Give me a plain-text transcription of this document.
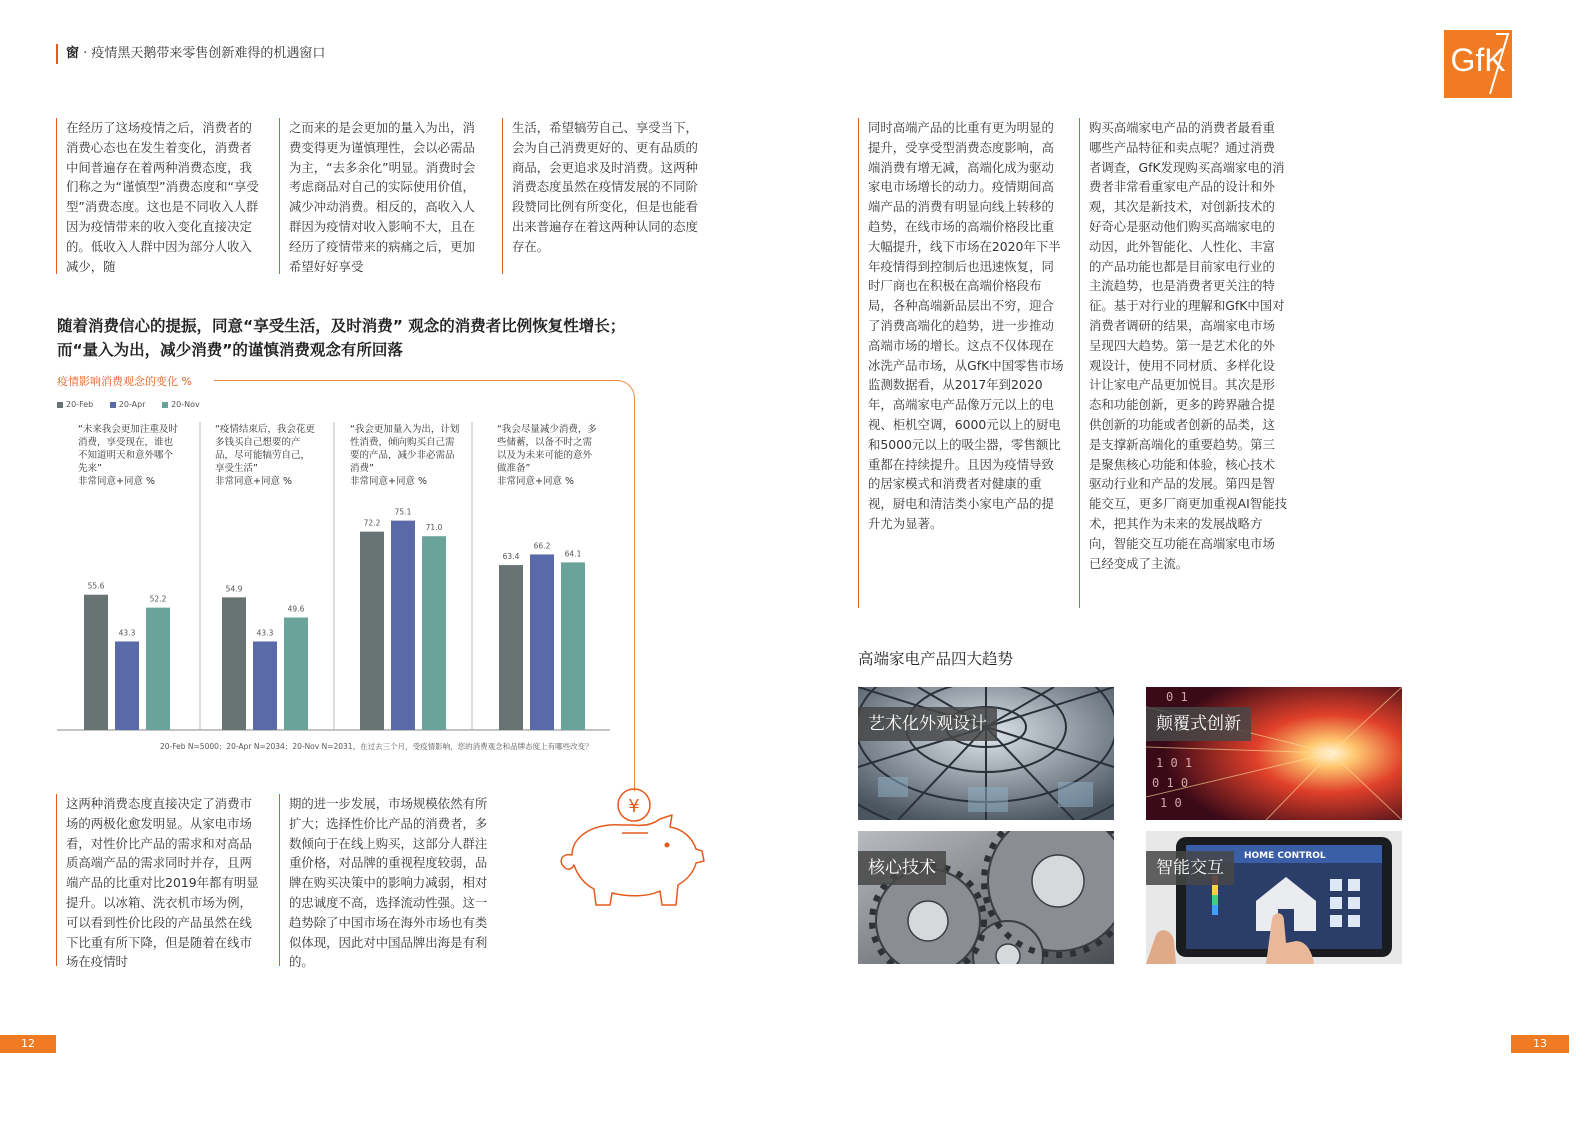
窗 · 疫情黑天鹅带来零售创新难得的机遇窗口

在经历了这场疫情之后，消费者的消费心态也在发生着变化，消费者中间普遍存在着两种消费态度，我们称之为“谨慎型”消费态度和“享受型”消费态度。这也是不同收入人群因为疫情带来的收入变化直接决定的。低收入人群中因为部分人收入减少，随

之而来的是会更加的量入为出，消费变得更为谨慎理性，会以必需品为主，“去多余化”明显。消费时会考虑商品对自己的实际使用价值，减少冲动消费。相反的，高收入人群因为疫情对收入影响不大，且在经历了疫情带来的病痛之后，更加希望好好享受

生活，希望犒劳自己、享受当下，会为自己消费更好的、更有品质的商品，会更追求及时消费。这两种消费态度虽然在疫情发展的不同阶段赞同比例有所变化，但是也能看出来普遍存在着这两种认同的态度存在。

随着消费信心的提振，同意“享受生活，及时消费” 观念的消费者比例恢复性增长；
而“量入为出，减少消费”的谨慎消费观念有所回落
疫情影响消费观念的变化 %
20-Feb	20-Apr	20-Nov
“未来我会更加注重及时消费，享受现在，谁也不知道明天和意外哪个先来”
非常同意+同意 %
“疫情结束后，我会花更多钱买自己想要的产品，尽可能犒劳自己，享受生活”
非常同意+同意 %
“我会更加量入为出，计划性消费，倾向购买自己需要的产品，减少非必需品消费”
非常同意+同意 %
“我会尽量减少消费，多些储蓄，以备不时之需以及为未来可能的意外做准备”
非常同意+同意 %
55.6
43.3
52.2
54.9
43.3
49.6
72.2
75.1
71.0
63.4
66.2
64.1
20-Feb N=5000；20-Apr N=2034；20-Nov N=2031。在过去三个月，受疫情影响，您的消费观念和品牌态度上有哪些改变？

这两种消费态度直接决定了消费市场的两极化愈发明显。从家电市场看，对性价比产品的需求和对高品质高端产品的需求同时并存，且两端产品的比重对比2019年都有明显提升。以冰箱、洗衣机市场为例，可以看到性价比段的产品虽然在线下比重有所下降，但是随着在线市场在疫情时

期的进一步发展，市场规模依然有所扩大；选择性价比产品的消费者，多数倾向于在线上购买，这部分人群注重价格，对品牌的重视程度较弱，品牌在购买决策中的影响力减弱，相对的忠诚度不高，选择流动性强。这一趋势除了中国市场在海外市场也有类似体现，因此对中国品牌出海是有利的。

¥
12
GfK

同时高端产品的比重有更为明显的提升，受享受型消费态度影响，高端消费有增无减，高端化成为驱动家电市场增长的动力。疫情期间高端产品的消费有明显向线上转移的趋势，在线市场的高端价格段比重大幅提升，线下市场在2020年下半年疫情得到控制后也迅速恢复，同时厂商也在积极在高端价格段布局，各种高端新品层出不穷，迎合了消费高端化的趋势，进一步推动高端市场的增长。这点不仅体现在冰洗产品市场，从GfK中国零售市场监测数据看，从2017年到2020年，高端家电产品像万元以上的电视、柜机空调，6000元以上的厨电和5000元以上的吸尘器，零售额比重都在持续提升。且因为疫情导致的居家模式和消费者对健康的重视，厨电和清洁类小家电产品的提升尤为显著。

购买高端家电产品的消费者最看重哪些产品特征和卖点呢？通过消费者调查，GfK发现购买高端家电的消费者非常看重家电产品的设计和外观，其次是新技术，对创新技术的好奇心是驱动他们购买高端家电的动因，此外智能化、人性化、丰富的产品功能也都是目前家电行业的主流趋势，也是消费者更关注的特征。基于对行业的理解和GfK中国对消费者调研的结果，高端家电市场呈现四大趋势。第一是艺术化的外观设计，使用不同材质、多样化设计让家电产品更加悦目。其次是形态和功能创新，更多的跨界融合提供创新的功能或者创新的品类，这是支撑新高端化的重要趋势。第三是聚焦核心功能和体验，核心技术驱动行业和产品的发展。第四是智能交互，更多厂商更加重视AI智能技术，把其作为未来的发展战略方向，智能交互功能在高端家电市场已经变成了主流。

高端家电产品四大趋势
艺术化外观设计
0 1
1 0 1
0 1 0
1 0
颠覆式创新
核心技术
HOME CONTROL
智能交互
13
